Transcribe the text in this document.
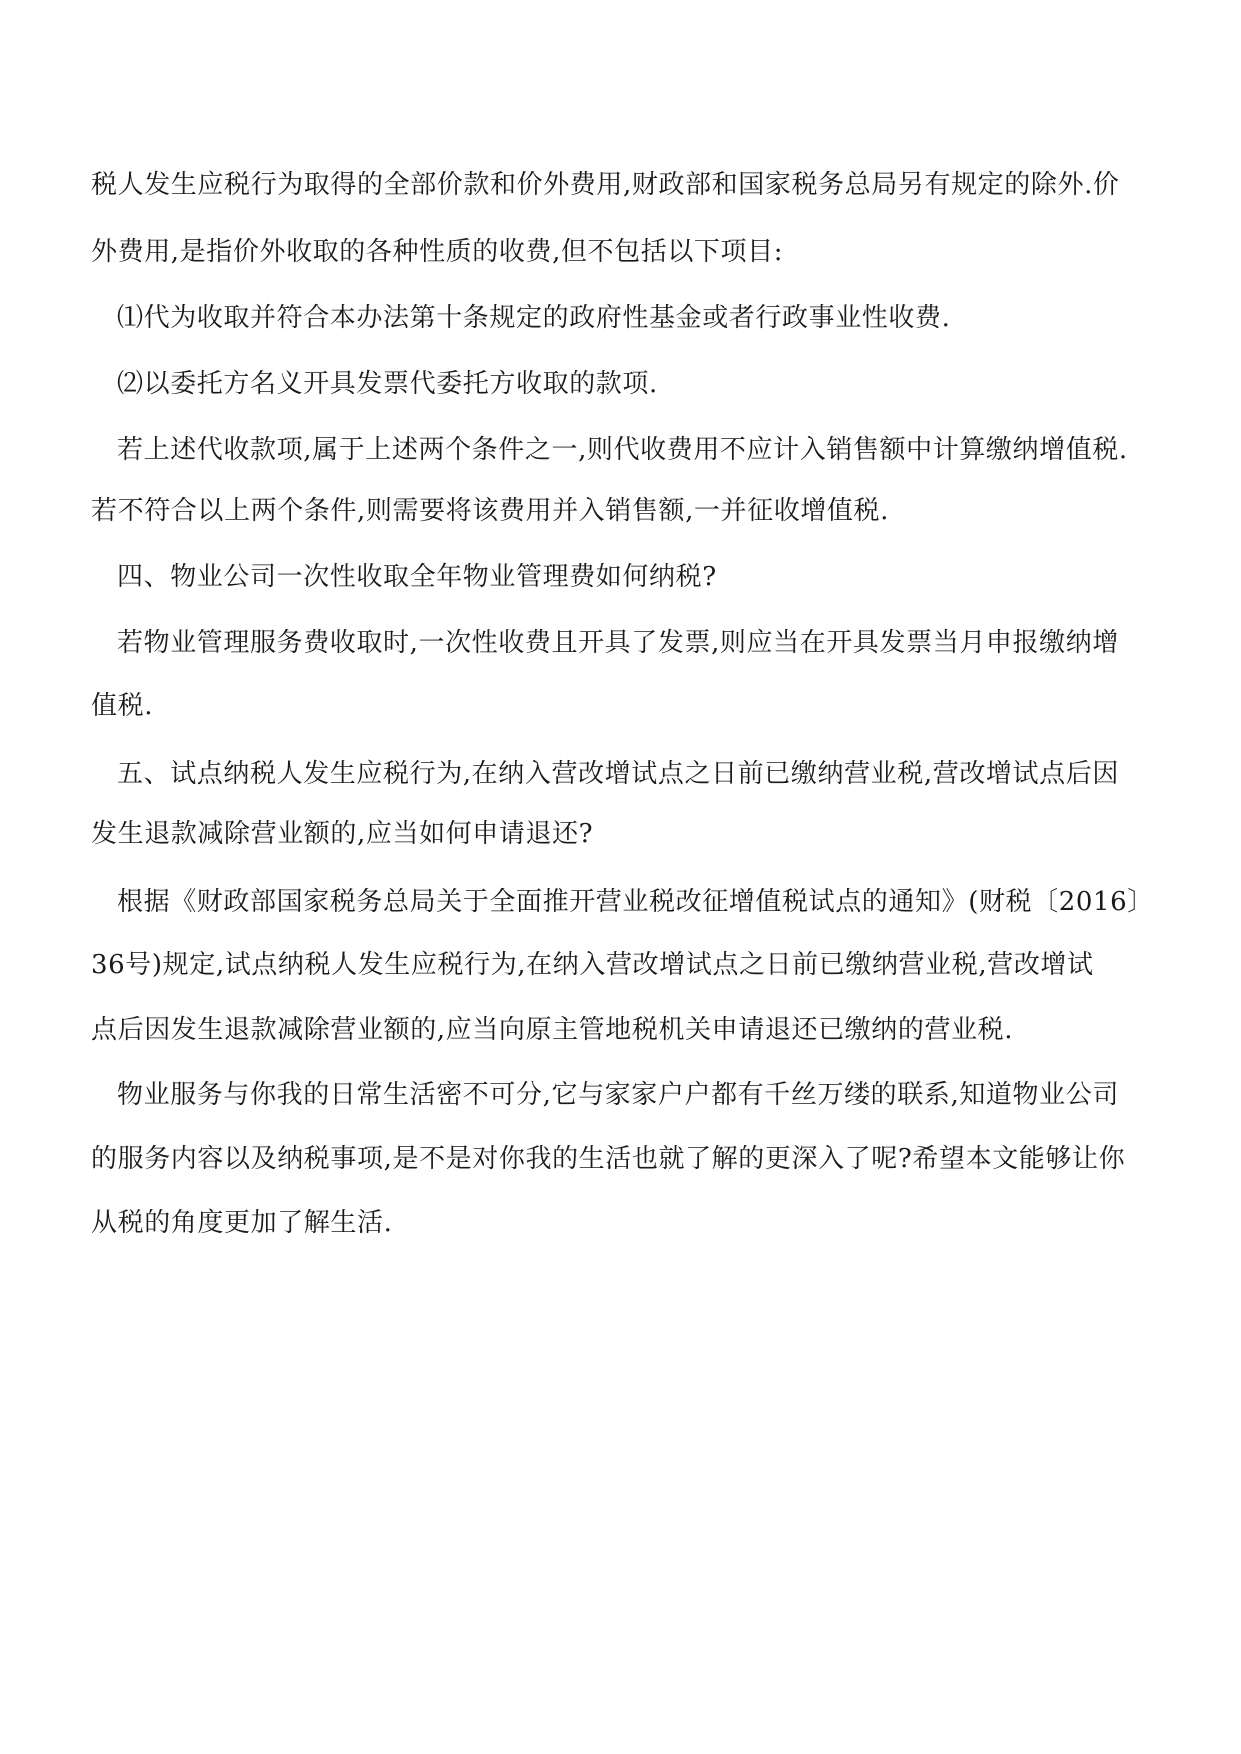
税人发生应税行为取得的全部价款和价外费用,财政部和国家税务总局另有规定的除外.价

外费用,是指价外收取的各种性质的收费,但不包括以下项目:

⑴代为收取并符合本办法第十条规定的政府性基金或者行政事业性收费.

⑵以委托方名义开具发票代委托方收取的款项.

若上述代收款项,属于上述两个条件之一,则代收费用不应计入销售额中计算缴纳增值税.

若不符合以上两个条件,则需要将该费用并入销售额,一并征收增值税.

四、物业公司一次性收取全年物业管理费如何纳税?

若物业管理服务费收取时,一次性收费且开具了发票,则应当在开具发票当月申报缴纳增

值税.

五、试点纳税人发生应税行为,在纳入营改增试点之日前已缴纳营业税,营改增试点后因

发生退款减除营业额的,应当如何申请退还?

根据《财政部国家税务总局关于全面推开营业税改征增值税试点的通知》(财税〔2016〕

36号)规定,试点纳税人发生应税行为,在纳入营改增试点之日前已缴纳营业税,营改增试

点后因发生退款减除营业额的,应当向原主管地税机关申请退还已缴纳的营业税.

物业服务与你我的日常生活密不可分,它与家家户户都有千丝万缕的联系,知道物业公司

的服务内容以及纳税事项,是不是对你我的生活也就了解的更深入了呢?希望本文能够让你

从税的角度更加了解生活.
